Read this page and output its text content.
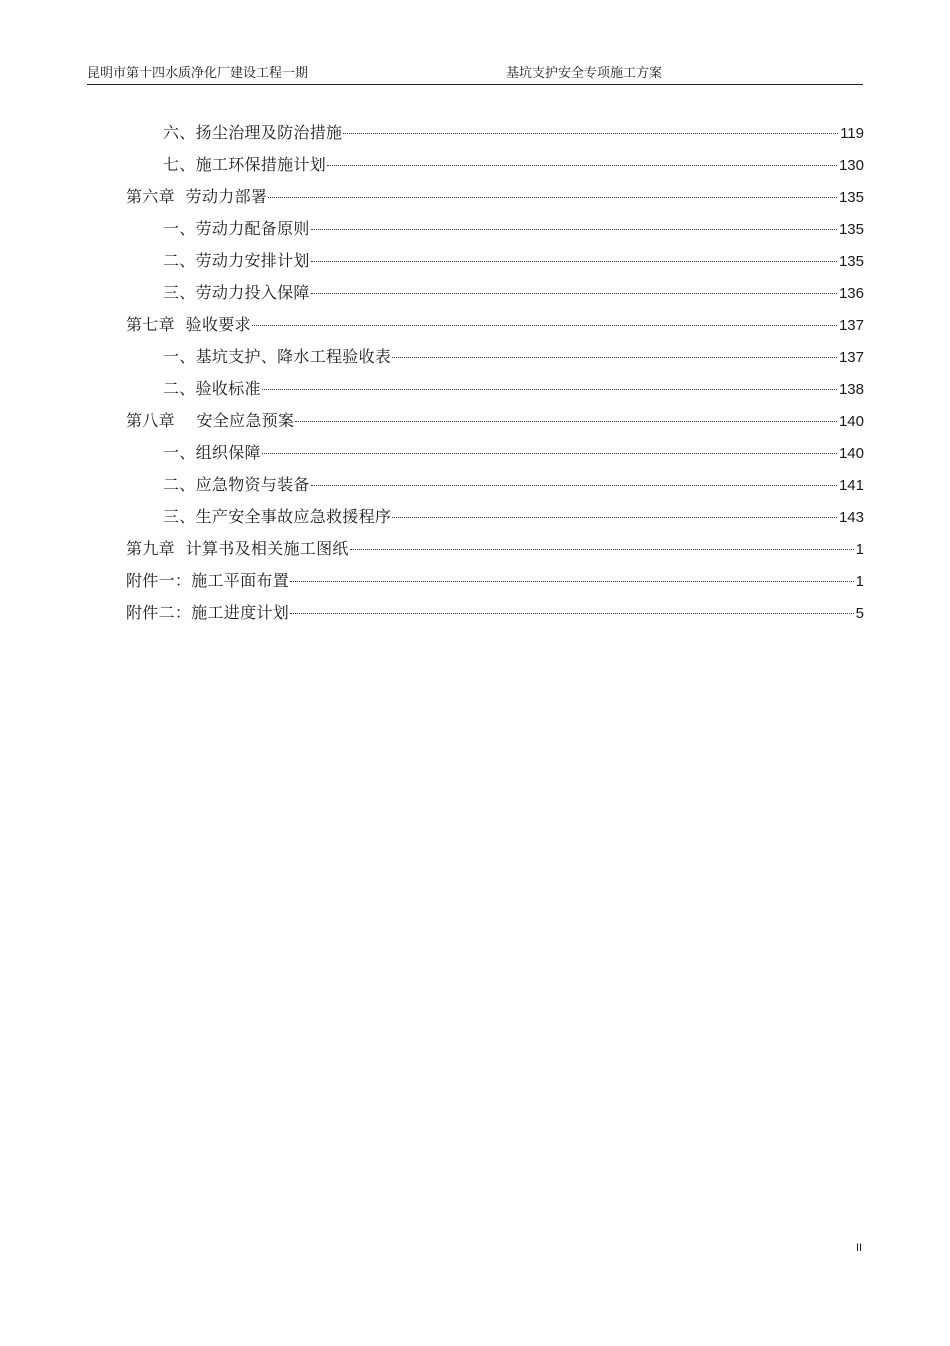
昆明市第十四水质净化厂建设工程一期	基坑支护安全专项施工方案
六、扬尘治理及防治措施	119
七、施工环保措施计划	130
第六章  劳动力部署	135
一、劳动力配备原则	135
二、劳动力安排计划	135
三、劳动力投入保障	136
第七章  验收要求	137
一、基坑支护、降水工程验收表	137
二、验收标准	138
第八章    安全应急预案	140
一、组织保障	140
二、应急物资与装备	141
三、生产安全事故应急救援程序	143
第九章  计算书及相关施工图纸	1
附件一：施工平面布置	1
附件二：施工进度计划	5
II
